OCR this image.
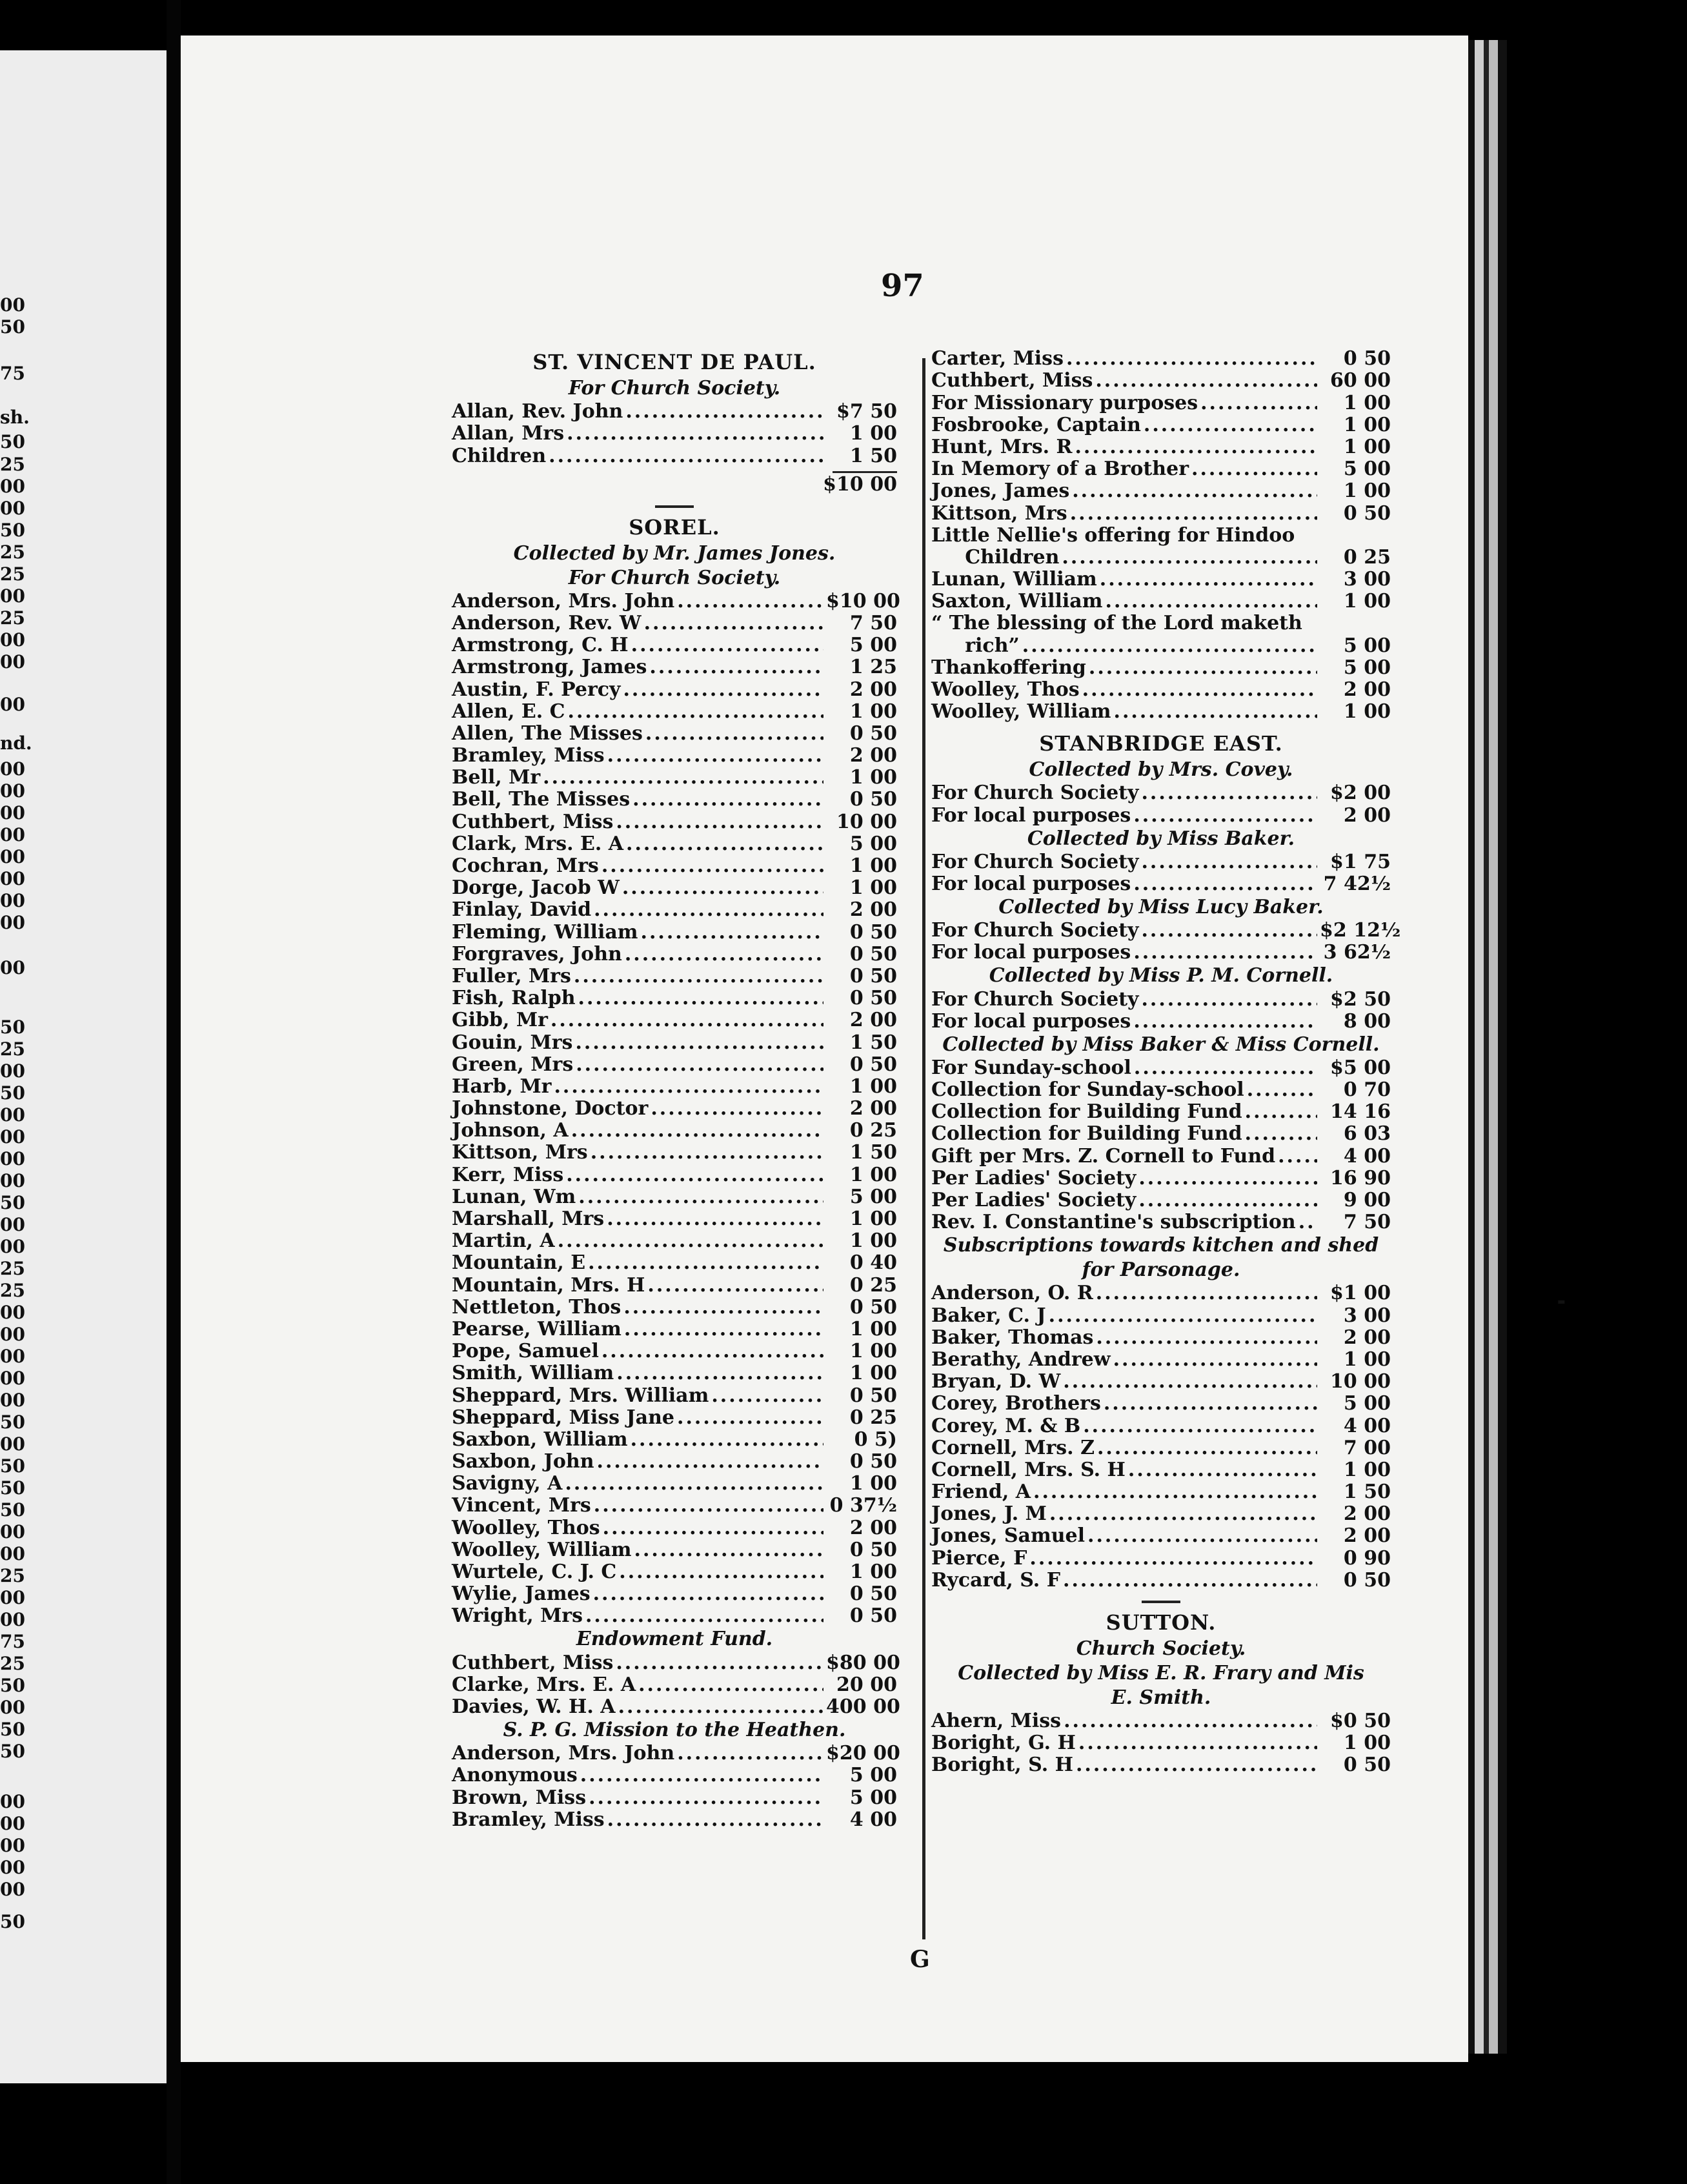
00
50
75
sh.
50
25
00
00
50
25
25
00
25
00
00
00
nd.
00
00
00
00
00
00
00
00
00
50
25
00
50
00
00
00
00
50
00
00
25
25
00
00
00
00
00
50
00
50
50
50
00
00
25
00
00
75
25
50
00
50
50
00
00
00
00
00
50
97
ST. VINCENT DE PAUL.
For Church Society.
Allan, Rev. John .....	$7 50
Allan, Mrs .....	1 00
Children .....	1 50
$10 00
SOREL.
Collected by Mr. James Jones.
For Church Society.
Anderson, Mrs. John .....	$10 00
Anderson, Rev. W .....	7 50
Armstrong, C. H .....	5 00
Armstrong, James .....	1 25
Austin, F. Percy .....	2 00
Allen, E. C .....	1 00
Allen, The Misses .....	0 50
Bramley, Miss .....	2 00
Bell, Mr .....	1 00
Bell, The Misses .....	0 50
Cuthbert, Miss .....	10 00
Clark, Mrs. E. A .....	5 00
Cochran, Mrs .....	1 00
Dorge, Jacob W .....	1 00
Finlay, David .....	2 00
Fleming, William .....	0 50
Forgraves, John .....	0 50
Fuller, Mrs .....	0 50
Fish, Ralph .....	0 50
Gibb, Mr .....	2 00
Gouin, Mrs .....	1 50
Green, Mrs .....	0 50
Harb, Mr .....	1 00
Johnstone, Doctor .....	2 00
Johnson, A .....	0 25
Kittson, Mrs .....	1 50
Kerr, Miss .....	1 00
Lunan, Wm .....	5 00
Marshall, Mrs .....	1 00
Martin, A .....	1 00
Mountain, E .....	0 40
Mountain, Mrs. H .....	0 25
Nettleton, Thos .....	0 50
Pearse, William .....	1 00
Pope, Samuel .....	1 00
Smith, William .....	1 00
Sheppard, Mrs. William .....	0 50
Sheppard, Miss Jane .....	0 25
Saxbon, William .....	0 5)
Saxbon, John .....	0 50
Savigny, A .....	1 00
Vincent, Mrs .....	0 37½
Woolley, Thos .....	2 00
Woolley, William .....	0 50
Wurtele, C. J. C .....	1 00
Wylie, James .....	0 50
Wright, Mrs .....	0 50
Endowment Fund.
Cuthbert, Miss .....	$80 00
Clarke, Mrs. E. A .....	20 00
Davies, W. H. A .....	400 00
S. P. G. Mission to the Heathen.
Anderson, Mrs. John .....	$20 00
Anonymous .....	5 00
Brown, Miss .....	5 00
Bramley, Miss .....	4 00
Carter, Miss .....	0 50
Cuthbert, Miss .....	60 00
For Missionary purposes .....	1 00
Fosbrooke, Captain .....	1 00
Hunt, Mrs. R .....	1 00
In Memory of a Brother .....	5 00
Jones, James .....	1 00
Kittson, Mrs .....	0 50
Little Nellie's offering for Hindoo
Children .....	0 25
Lunan, William .....	3 00
Saxton, William .....	1 00
“ The blessing of the Lord maketh
rich” .....	5 00
Thankoffering .....	5 00
Woolley, Thos .....	2 00
Woolley, William .....	1 00
STANBRIDGE EAST.
Collected by Mrs. Covey.
For Church Society .....	$2 00
For local purposes .....	2 00
Collected by Miss Baker.
For Church Society .....	$1 75
For local purposes .....	7 42½
Collected by Miss Lucy Baker.
For Church Society .....	$2 12½
For local purposes .....	3 62½
Collected by Miss P. M. Cornell.
For Church Society .....	$2 50
For local purposes .....	8 00
Collected by Miss Baker & Miss Cornell.
For Sunday-school .....	$5 00
Collection for Sunday-school .....	0 70
Collection for Building Fund .....	14 16
Collection for Building Fund .....	6 03
Gift per Mrs. Z. Cornell to Fund .....	4 00
Per Ladies' Society .....	16 90
Per Ladies' Society .....	9 00
Rev. I. Constantine's subscription .....	7 50
Subscriptions towards kitchen and shed
for Parsonage.
Anderson, O. R .....	$1 00
Baker, C. J .....	3 00
Baker, Thomas .....	2 00
Berathy, Andrew .....	1 00
Bryan, D. W .....	10 00
Corey, Brothers .....	5 00
Corey, M. & B .....	4 00
Cornell, Mrs. Z .....	7 00
Cornell, Mrs. S. H .....	1 00
Friend, A .....	1 50
Jones, J. M .....	2 00
Jones, Samuel .....	2 00
Pierce, F .....	0 90
Rycard, S. F .....	0 50
SUTTON.
Church Society.
Collected by Miss E. R. Frary and Mis
E. Smith.
Ahern, Miss .....	$0 50
Boright, G. H .....	1 00
Boright, S. H .....	0 50
᠊
G
